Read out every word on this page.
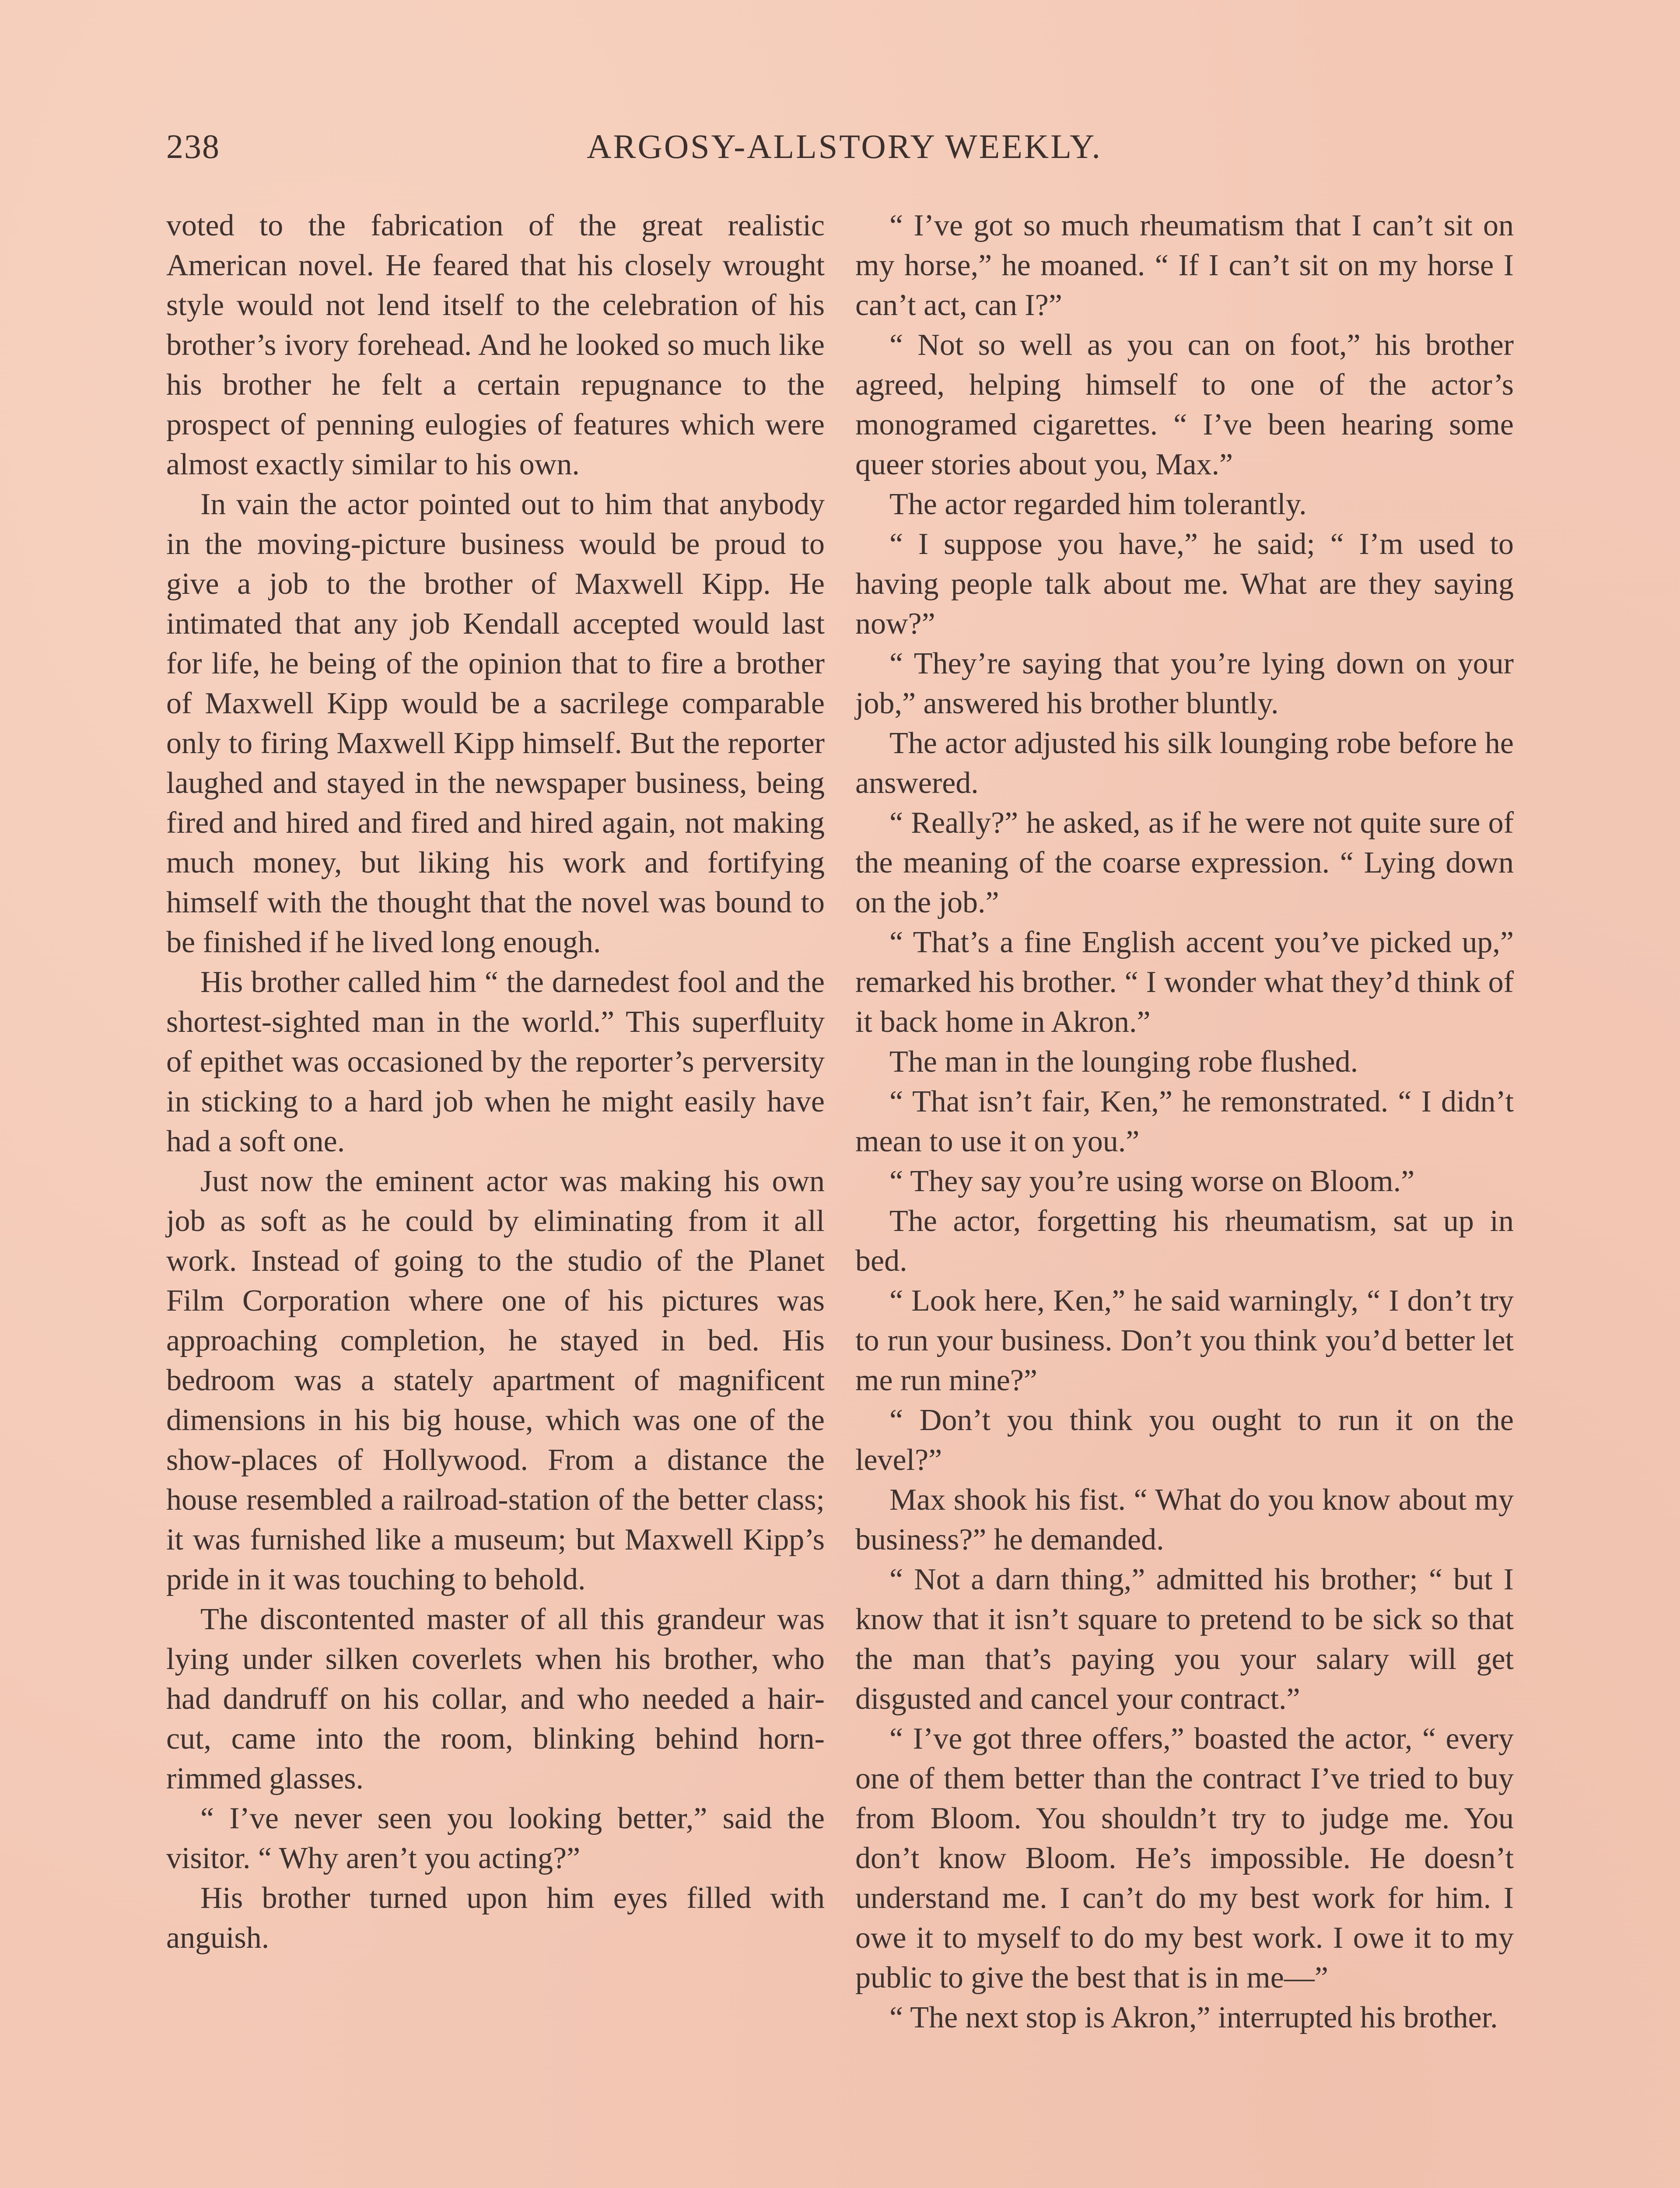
238	ARGOSY-ALLSTORY WEEKLY.

voted to the fabrication of the great realistic American novel. He feared that his closely wrought style would not lend itself to the celebration of his brother’s ivory forehead. And he looked so much like his brother he felt a certain repugnance to the prospect of penning eulogies of features which were almost exactly similar to his own.

In vain the actor pointed out to him that anybody in the moving-picture business would be proud to give a job to the brother of Maxwell Kipp. He intimated that any job Kendall accepted would last for life, he being of the opinion that to fire a brother of Maxwell Kipp would be a sacrilege comparable only to firing Maxwell Kipp himself. But the reporter laughed and stayed in the newspaper business, being fired and hired and fired and hired again, not making much money, but liking his work and fortifying himself with the thought that the novel was bound to be finished if he lived long enough.

His brother called him “ the darnedest fool and the shortest-sighted man in the world.” This superfluity of epithet was occasioned by the reporter’s perversity in sticking to a hard job when he might easily have had a soft one.

Just now the eminent actor was making his own job as soft as he could by eliminating from it all work. Instead of going to the studio of the Planet Film Corporation where one of his pictures was approaching completion, he stayed in bed. His bedroom was a stately apartment of magnificent dimensions in his big house, which was one of the show-places of Hollywood. From a distance the house resembled a railroad-station of the better class; it was furnished like a museum; but Maxwell Kipp’s pride in it was touching to behold.

The discontented master of all this grandeur was lying under silken coverlets when his brother, who had dandruff on his collar, and who needed a hair-cut, came into the room, blinking behind horn-rimmed glasses.

“ I’ve never seen you looking better,” said the visitor. “ Why aren’t you acting?”

His brother turned upon him eyes filled with anguish.

“ I’ve got so much rheumatism that I can’t sit on my horse,” he moaned. “ If I can’t sit on my horse I can’t act, can I?”

“ Not so well as you can on foot,” his brother agreed, helping himself to one of the actor’s monogramed cigarettes. “ I’ve been hearing some queer stories about you, Max.”

The actor regarded him tolerantly.

“ I suppose you have,” he said; “ I’m used to having people talk about me. What are they saying now?”

“ They’re saying that you’re lying down on your job,” answered his brother bluntly.

The actor adjusted his silk lounging robe before he answered.

“ Really?” he asked, as if he were not quite sure of the meaning of the coarse expression. “ Lying down on the job.”

“ That’s a fine English accent you’ve picked up,” remarked his brother. “ I wonder what they’d think of it back home in Akron.”

The man in the lounging robe flushed.

“ That isn’t fair, Ken,” he remonstrated. “ I didn’t mean to use it on you.”

“ They say you’re using worse on Bloom.”

The actor, forgetting his rheumatism, sat up in bed.

“ Look here, Ken,” he said warningly, “ I don’t try to run your business. Don’t you think you’d better let me run mine?”

“ Don’t you think you ought to run it on the level?”

Max shook his fist. “ What do you know about my business?” he demanded.

“ Not a darn thing,” admitted his brother; “ but I know that it isn’t square to pretend to be sick so that the man that’s paying you your salary will get disgusted and cancel your contract.”

“ I’ve got three offers,” boasted the actor, “ every one of them better than the contract I’ve tried to buy from Bloom. You shouldn’t try to judge me. You don’t know Bloom. He’s impossible. He doesn’t understand me. I can’t do my best work for him. I owe it to myself to do my best work. I owe it to my public to give the best that is in me—”

“ The next stop is Akron,” interrupted his brother.
